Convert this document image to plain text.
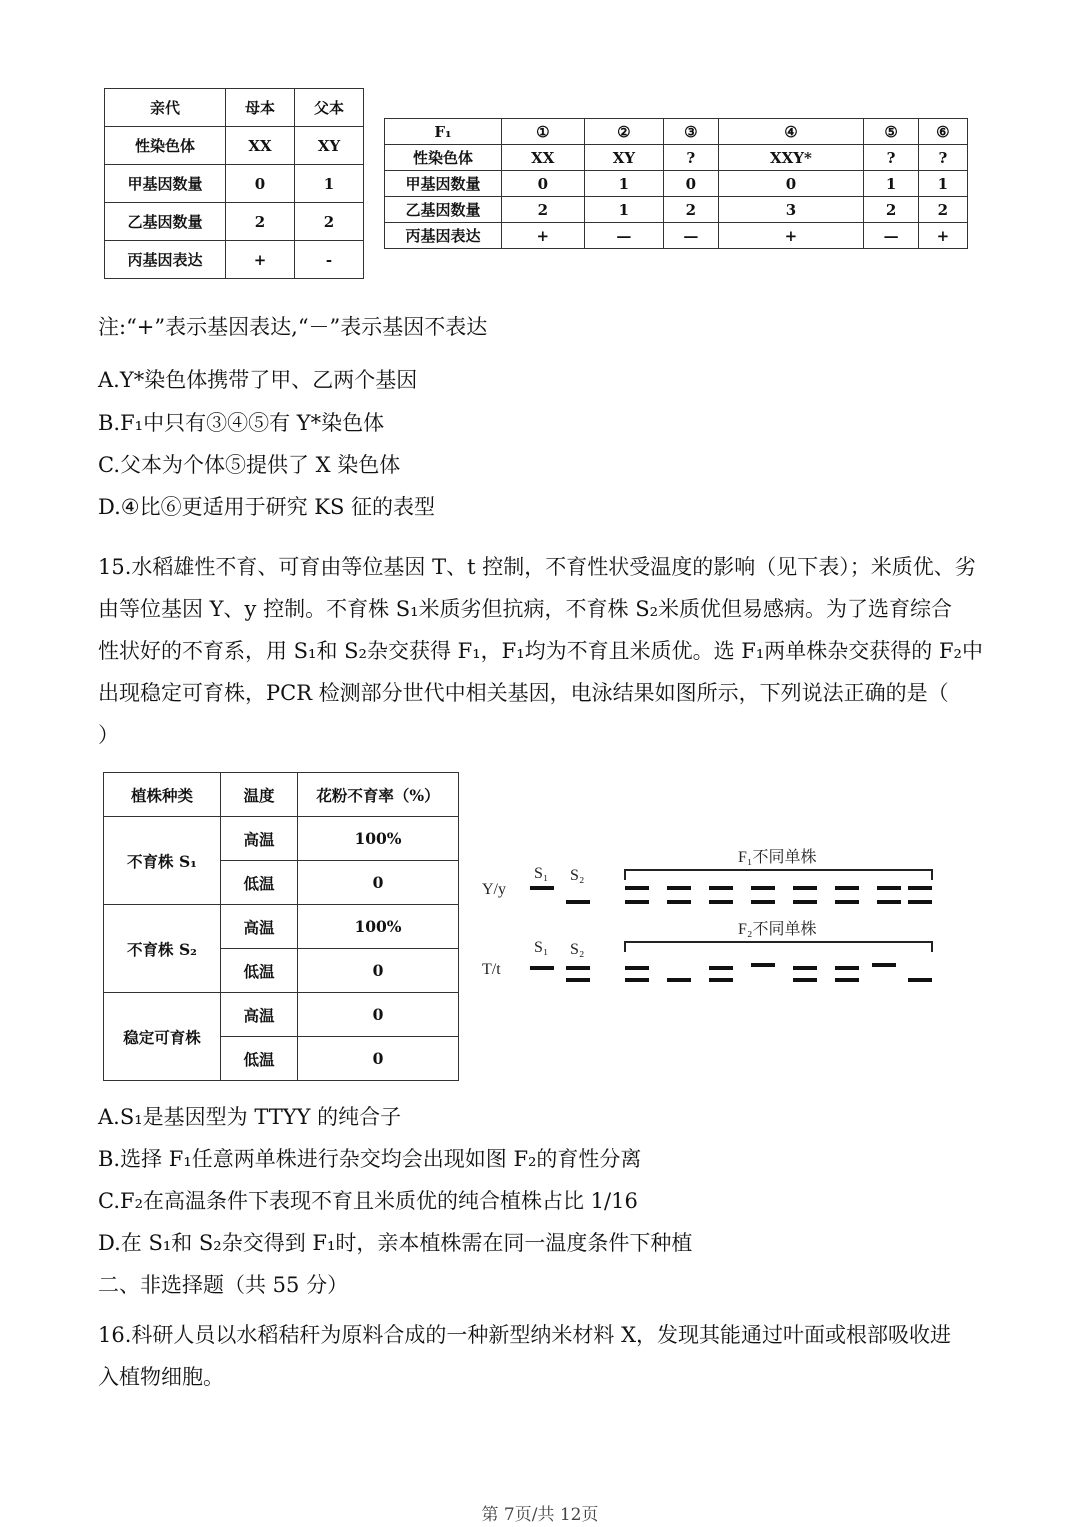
亲代	母本	父本
性染色体	XX	XY
甲基因数量	0	1
乙基因数量	2	2
丙基因表达	+	-
F₁	①	②	③	④	⑤	⑥
性染色体	XX	XY	?	XXY*	?	?
甲基因数量	0	1	0	0	1	1
乙基因数量	2	1	2	3	2	2
丙基因表达	+	—	—	+	—	+

注:“+”表示基因表达,“－”表示基因不表达

A.Y*染色体携带了甲、乙两个基因

B.F₁中只有③④⑤有 Y*染色体

C.父本为个体⑤提供了 X 染色体

D.④比⑥更适用于研究 KS 征的表型

15.水稻雄性不育、可育由等位基因 T、t 控制，不育性状受温度的影响（见下表）；米质优、劣
由等位基因 Y、y 控制。不育株 S₁米质劣但抗病，不育株 S₂米质优但易感病。为了选育综合
性状好的不育系，用 S₁和 S₂杂交获得 F₁，F₁均为不育且米质优。选 F₁两单株杂交获得的 F₂中
出现稳定可育株，PCR 检测部分世代中相关基因，电泳结果如图所示，下列说法正确的是（
）
植株种类	温度	花粉不育率（%）
不育株 S₁	高温	100%
	低温	0
不育株 S₂	高温	100%
	低温	0
稳定可育株	高温	0
	低温	0
Y/y
S₁ S₂
F₁不同单株
T/t
S₁ S₂
F₂不同单株

A.S₁是基因型为 TTYY 的纯合子

B.选择 F₁任意两单株进行杂交均会出现如图 F₂的育性分离

C.F₂在高温条件下表现不育且米质优的纯合植株占比 1/16

D.在 S₁和 S₂杂交得到 F₁时，亲本植株需在同一温度条件下种植

二、非选择题（共 55 分）

16.科研人员以水稻秸秆为原料合成的一种新型纳米材料 X，发现其能通过叶面或根部吸收进
入植物细胞。
第 7页/共 12页
